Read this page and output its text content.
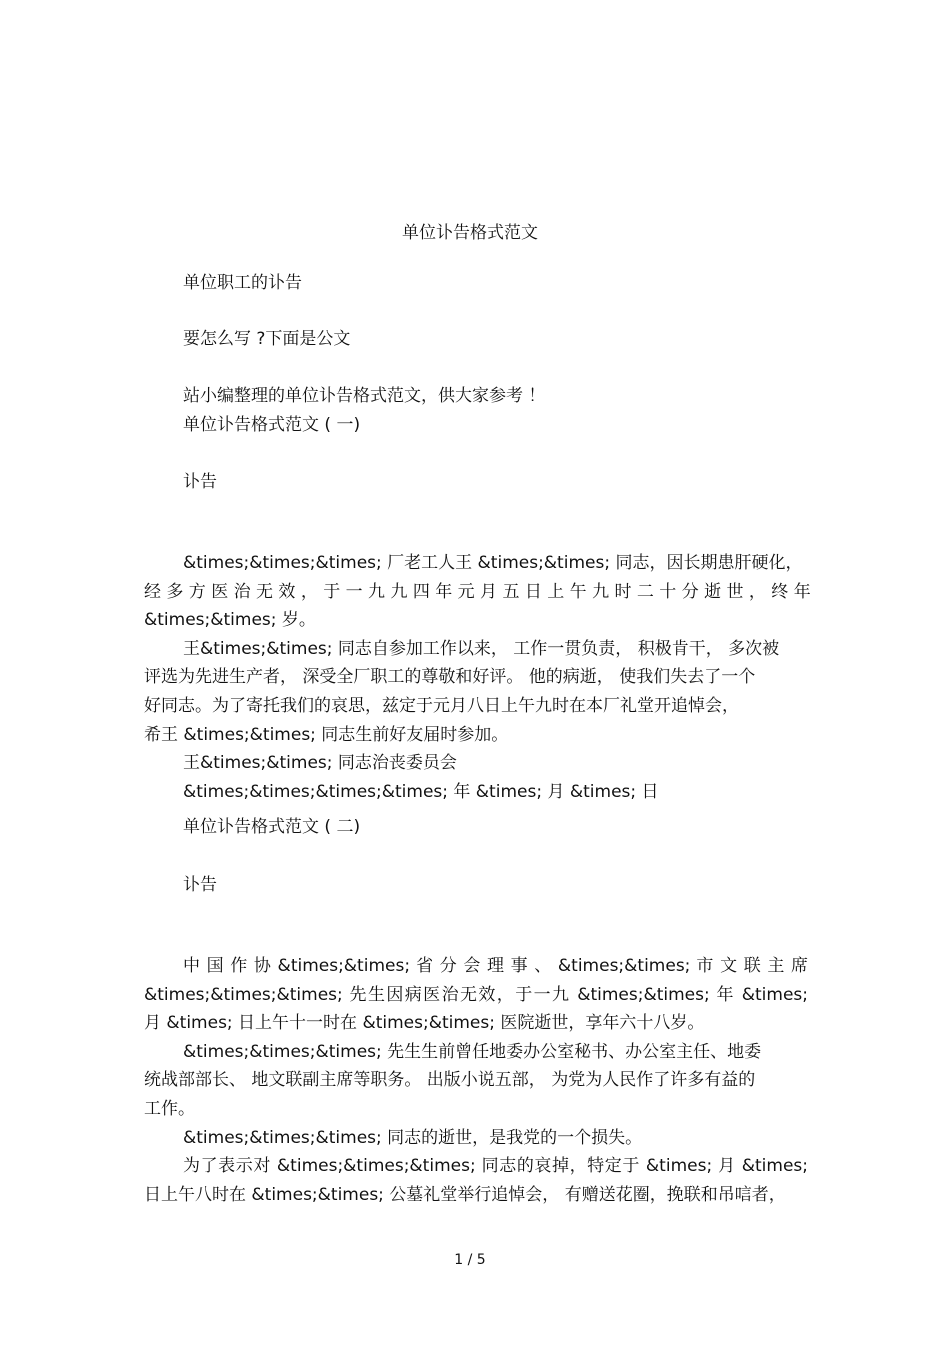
单位讣告格式范文
单位职工的讣告
要怎么写 ?下面是公文
站小编整理的单位讣告格式范文，供大家参考 ！
单位讣告格式范文 ( 一)
讣告
&times;&times;&times; 厂老工人王 &times;&times; 同志，因长期患肝硬化，
经 多 方 医 治 无 效 ， 于 一 九 九 四 年 元 月 五 日 上 午 九 时 二 十 分 逝 世 ， 终 年
&times;&times; 岁。
王&times;&times; 同志自参加工作以来， 工作一贯负责， 积极肯干， 多次被
评选为先进生产者， 深受全厂职工的尊敬和好评。 他的病逝， 使我们失去了一个
好同志。为了寄托我们的哀思，兹定于元月八日上午九时在本厂礼堂开追悼会，
希王 &times;&times; 同志生前好友届时参加。
王&times;&times; 同志治丧委员会
&times;&times;&times;&times; 年 &times; 月 &times; 日
单位讣告格式范文 ( 二)
讣告
中 国 作 协 &times;&times; 省 分 会 理 事 、 &times;&times; 市 文 联 主 席
&times;&times;&times; 先生因病医治无效，于一九 &times;&times; 年 &times;
月 &times; 日上午十一时在 &times;&times; 医院逝世，享年六十八岁。
&times;&times;&times; 先生生前曾任地委办公室秘书、办公室主任、地委
统战部部长、 地文联副主席等职务。 出版小说五部， 为党为人民作了许多有益的
工作。
&times;&times;&times; 同志的逝世，是我党的一个损失。
为了表示对 &times;&times;&times; 同志的哀掉，特定于 &times; 月 &times;
日上午八时在 &times;&times; 公墓礼堂举行追悼会， 有赠送花圈，挽联和吊唁者，
1 / 5
